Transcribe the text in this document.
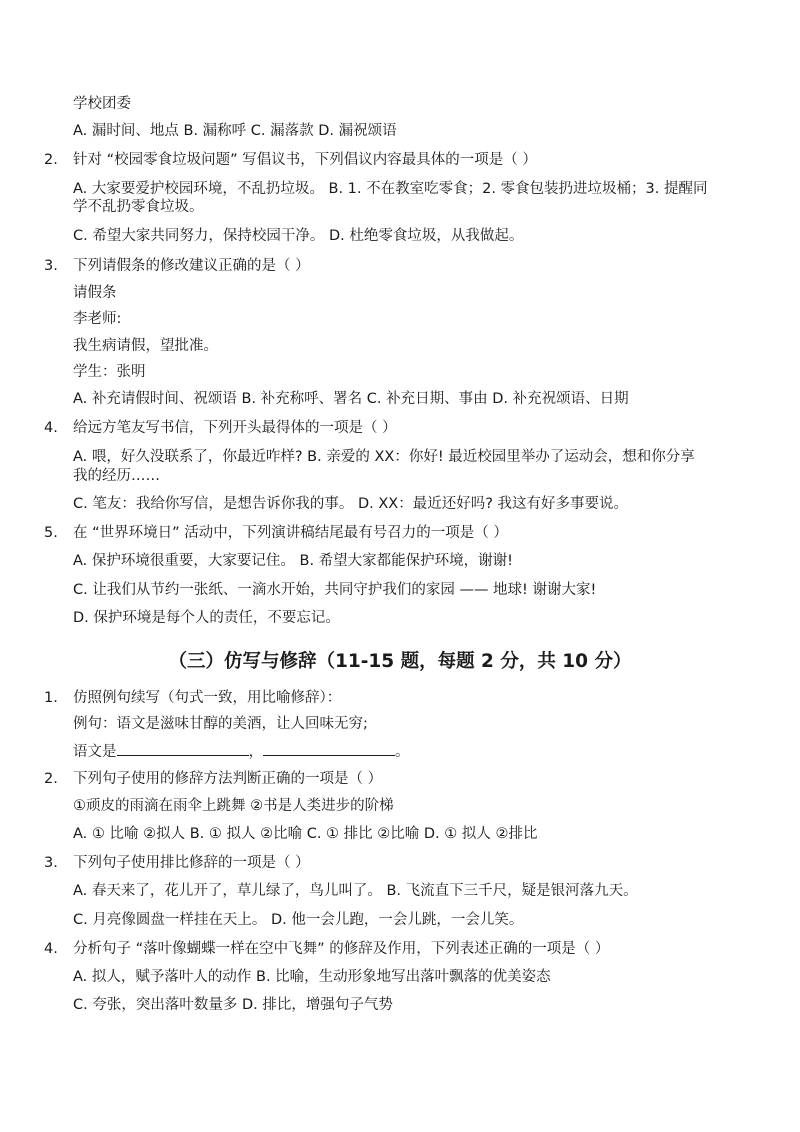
学校团委
A. 漏时间、地点 B. 漏称呼 C. 漏落款 D. 漏祝颂语
2. 针对 “校园零食垃圾问题” 写倡议书，下列倡议内容最具体的一项是（ ）
A. 大家要爱护校园环境，不乱扔垃圾。 B. 1. 不在教室吃零食；2. 零食包装扔进垃圾桶；3. 提醒同
学不乱扔零食垃圾。
C. 希望大家共同努力，保持校园干净。 D. 杜绝零食垃圾，从我做起。
3. 下列请假条的修改建议正确的是（ ）
请假条
李老师:
我生病请假，望批准。
学生：张明
A. 补充请假时间、祝颂语 B. 补充称呼、署名 C. 补充日期、事由 D. 补充祝颂语、日期
4. 给远方笔友写书信，下列开头最得体的一项是（ ）
A. 喂，好久没联系了，你最近咋样? B. 亲爱的 XX：你好! 最近校园里举办了运动会，想和你分享
我的经历……
C. 笔友：我给你写信，是想告诉你我的事。 D. XX：最近还好吗? 我这有好多事要说。
5. 在 “世界环境日” 活动中，下列演讲稿结尾最有号召力的一项是（ ）
A. 保护环境很重要，大家要记住。 B. 希望大家都能保护环境，谢谢!
C. 让我们从节约一张纸、一滴水开始，共同守护我们的家园 —— 地球! 谢谢大家!
D. 保护环境是每个人的责任，不要忘记。
（三）仿写与修辞（11-15 题，每题 2 分，共 10 分）
1. 仿照例句续写（句式一致，用比喻修辞）：
例句：语文是滋味甘醇的美酒，让人回味无穷;
语文是	，	。
2. 下列句子使用的修辞方法判断正确的一项是（ ）
①顽皮的雨滴在雨伞上跳舞 ②书是人类进步的阶梯
A. ① 比喻 ②拟人 B. ① 拟人 ②比喻 C. ① 排比 ②比喻 D. ① 拟人 ②排比
3. 下列句子使用排比修辞的一项是（ ）
A. 春天来了，花儿开了，草儿绿了，鸟儿叫了。 B. 飞流直下三千尺，疑是银河落九天。
C. 月亮像圆盘一样挂在天上。 D. 他一会儿跑，一会儿跳，一会儿笑。
4. 分析句子 “落叶像蝴蝶一样在空中飞舞” 的修辞及作用，下列表述正确的一项是（ ）
A. 拟人，赋予落叶人的动作 B. 比喻，生动形象地写出落叶飘落的优美姿态
C. 夸张，突出落叶数量多 D. 排比，增强句子气势
